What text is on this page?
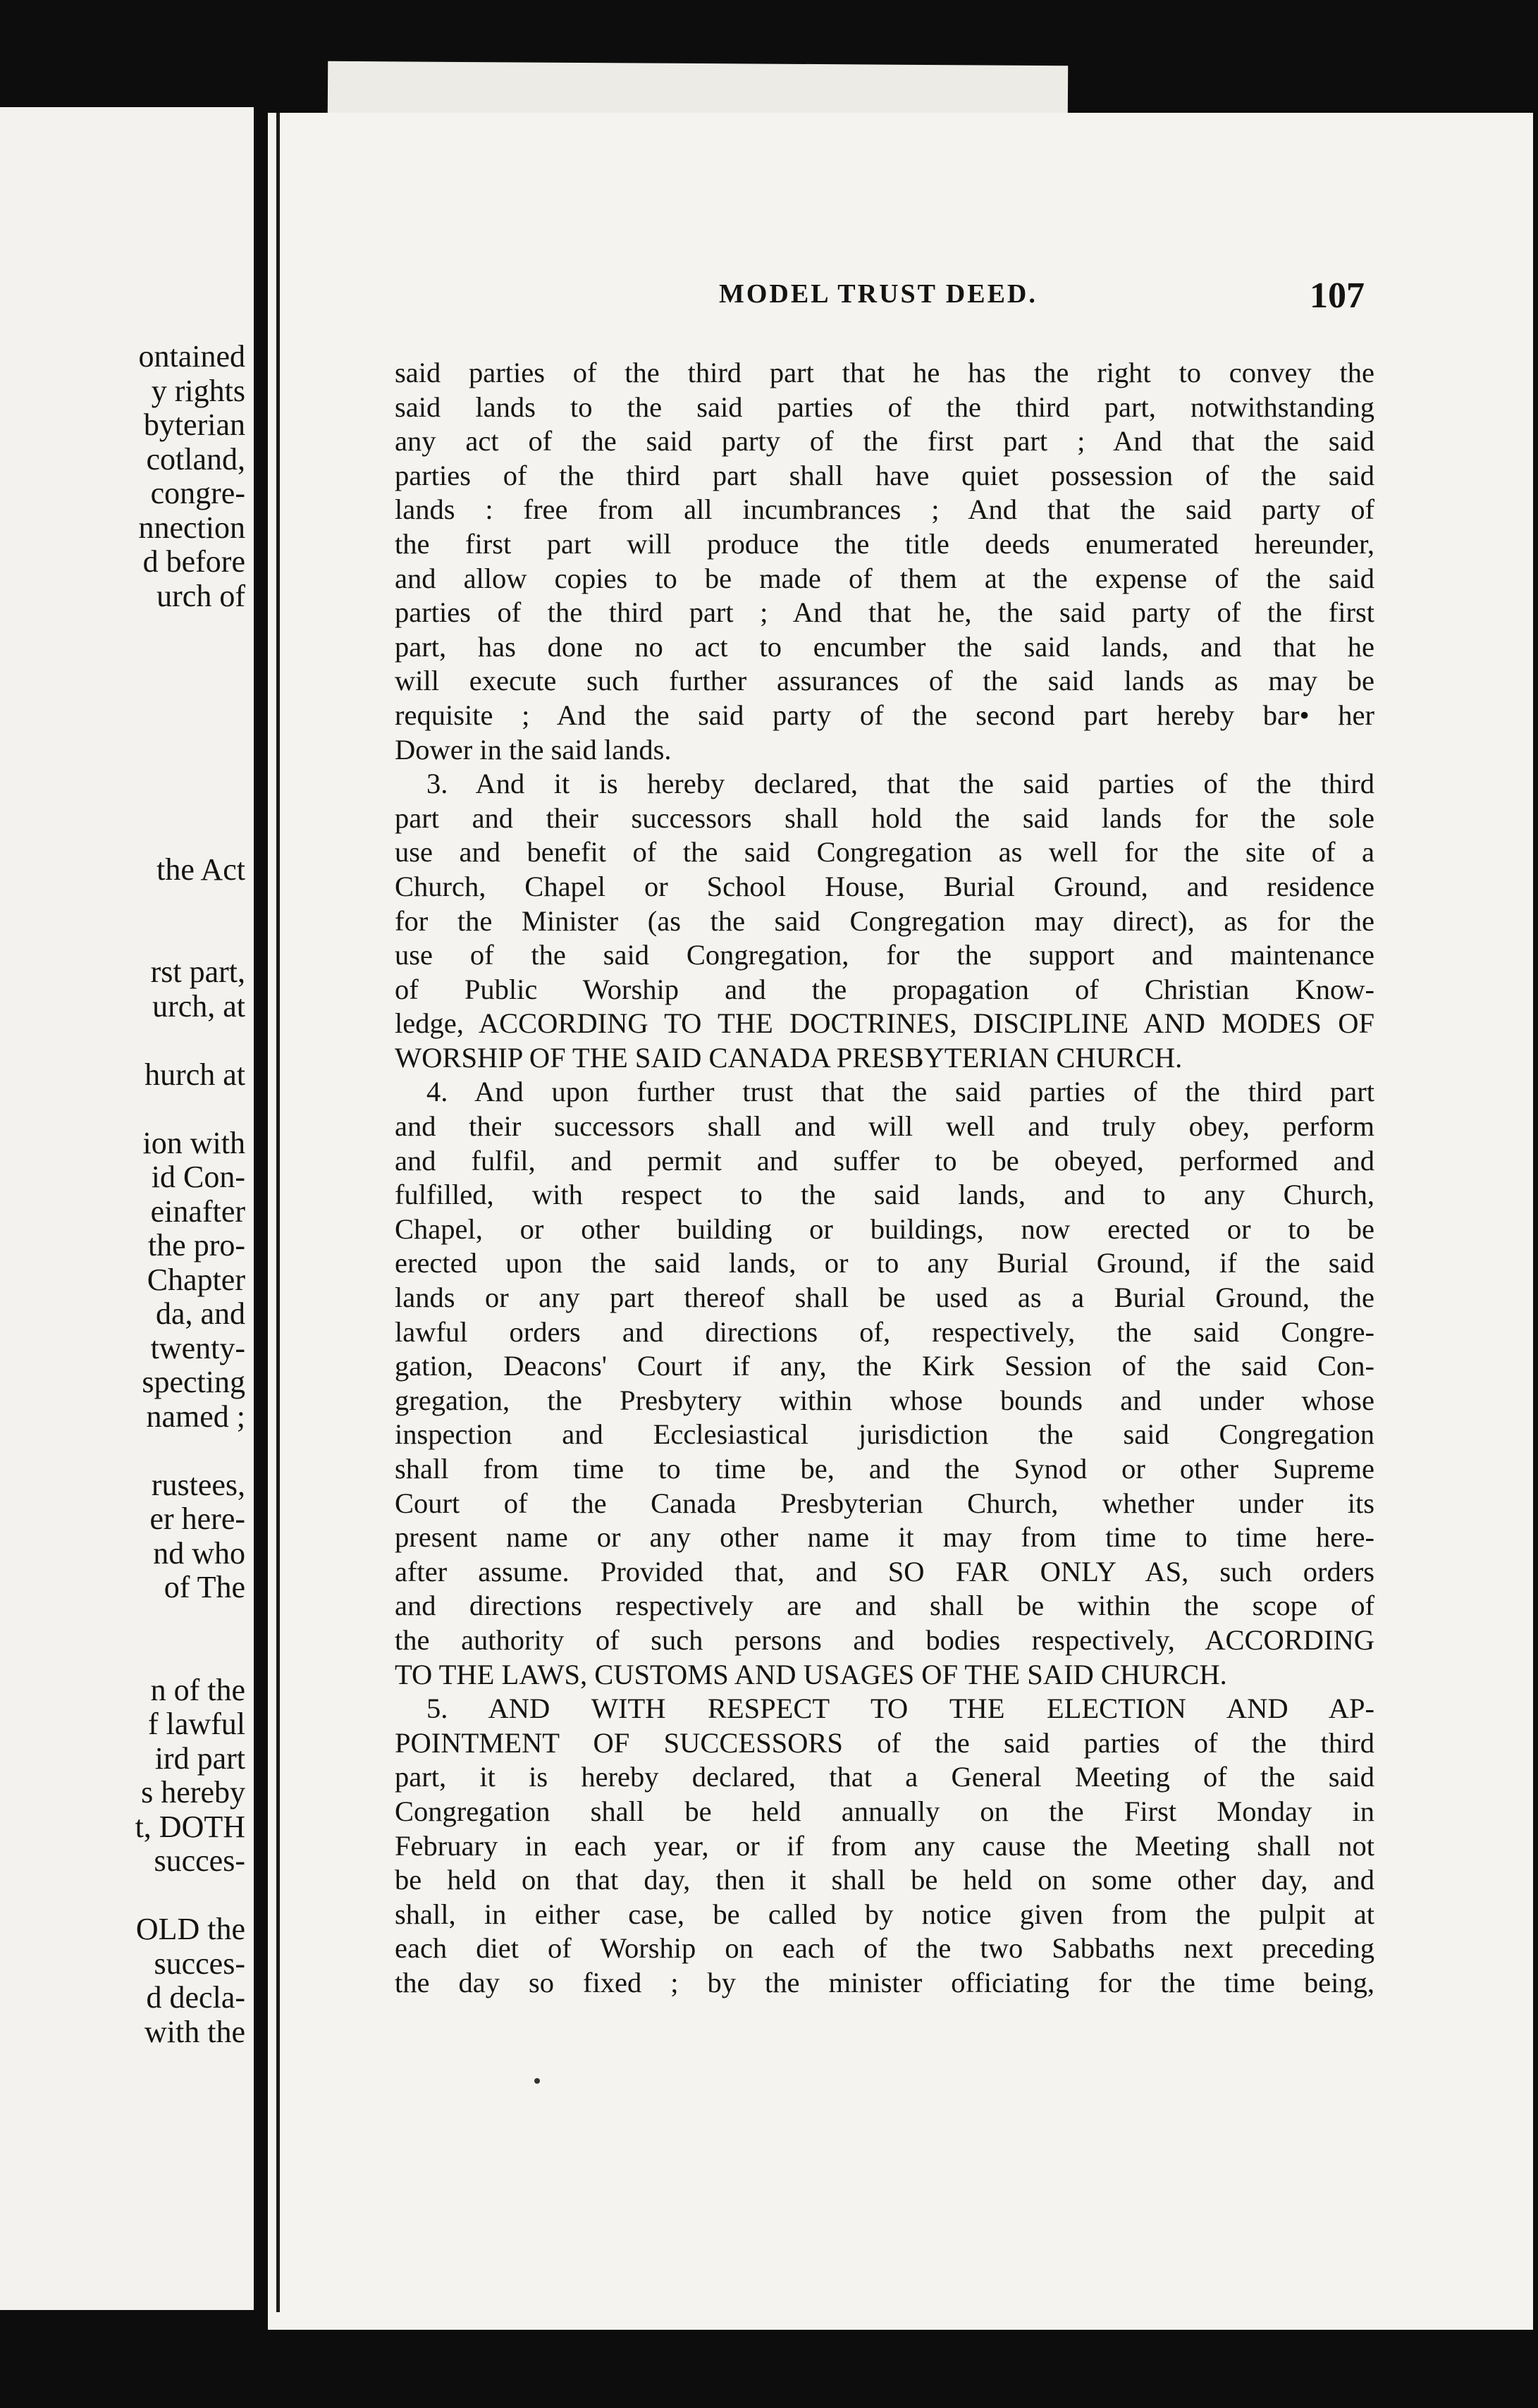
ontained

y rights

byterian

cotland,

congre-

nnection

d before

urch of

the Act

rst part,

urch, at

hurch at

ion with

id Con-

einafter

the pro-

Chapter

da, and

twenty-

specting

named ;

rustees,

er here-

nd who

of The

n of the

f lawful

ird part

s hereby

t, DOTH

succes-

OLD the

succes-

d decla-

with the

MODEL TRUST DEED.	107

said parties of the third part that he has the right to convey the

said lands to the said parties of the third part, notwithstanding

any act of the said party of the first part ; And that the said

parties of the third part shall have quiet possession of the said

lands : free from all incumbrances ; And that the said party of

the first part will produce the title deeds enumerated hereunder,

and allow copies to be made of them at the expense of the said

parties of the third part ; And that he, the said party of the first

part, has done no act to encumber the said lands, and that he

will execute such further assurances of the said lands as may be

requisite ; And the said party of the second part hereby bar• her

Dower in the said lands.

3. And it is hereby declared, that the said parties of the third

part and their successors shall hold the said lands for the sole

use and benefit of the said Congregation as well for the site of a

Church, Chapel or School House, Burial Ground, and residence

for the Minister (as the said Congregation may direct), as for the

use of the said Congregation, for the support and maintenance

of Public Worship and the propagation of Christian Know-

ledge, ACCORDING TO THE DOCTRINES, DISCIPLINE AND MODES OF

WORSHIP OF THE SAID CANADA PRESBYTERIAN CHURCH.

4. And upon further trust that the said parties of the third part

and their successors shall and will well and truly obey, perform

and fulfil, and permit and suffer to be obeyed, performed and

fulfilled, with respect to the said lands, and to any Church,

Chapel, or other building or buildings, now erected or to be

erected upon the said lands, or to any Burial Ground, if the said

lands or any part thereof shall be used as a Burial Ground, the

lawful orders and directions of, respectively, the said Congre-

gation, Deacons' Court if any, the Kirk Session of the said Con-

gregation, the Presbytery within whose bounds and under whose

inspection and Ecclesiastical jurisdiction the said Congregation

shall from time to time be, and the Synod or other Supreme

Court of the Canada Presbyterian Church, whether under its

present name or any other name it may from time to time here-

after assume. Provided that, and SO FAR ONLY AS, such orders

and directions respectively are and shall be within the scope of

the authority of such persons and bodies respectively, ACCORDING

TO THE LAWS, CUSTOMS AND USAGES OF THE SAID CHURCH.

5. AND WITH RESPECT TO THE ELECTION AND AP-

POINTMENT OF SUCCESSORS of the said parties of the third

part, it is hereby declared, that a General Meeting of the said

Congregation shall be held annually on the First Monday in

February in each year, or if from any cause the Meeting shall not

be held on that day, then it shall be held on some other day, and

shall, in either case, be called by notice given from the pulpit at

each diet of Worship on each of the two Sabbaths next preceding

the day so fixed ; by the minister officiating for the time being,
